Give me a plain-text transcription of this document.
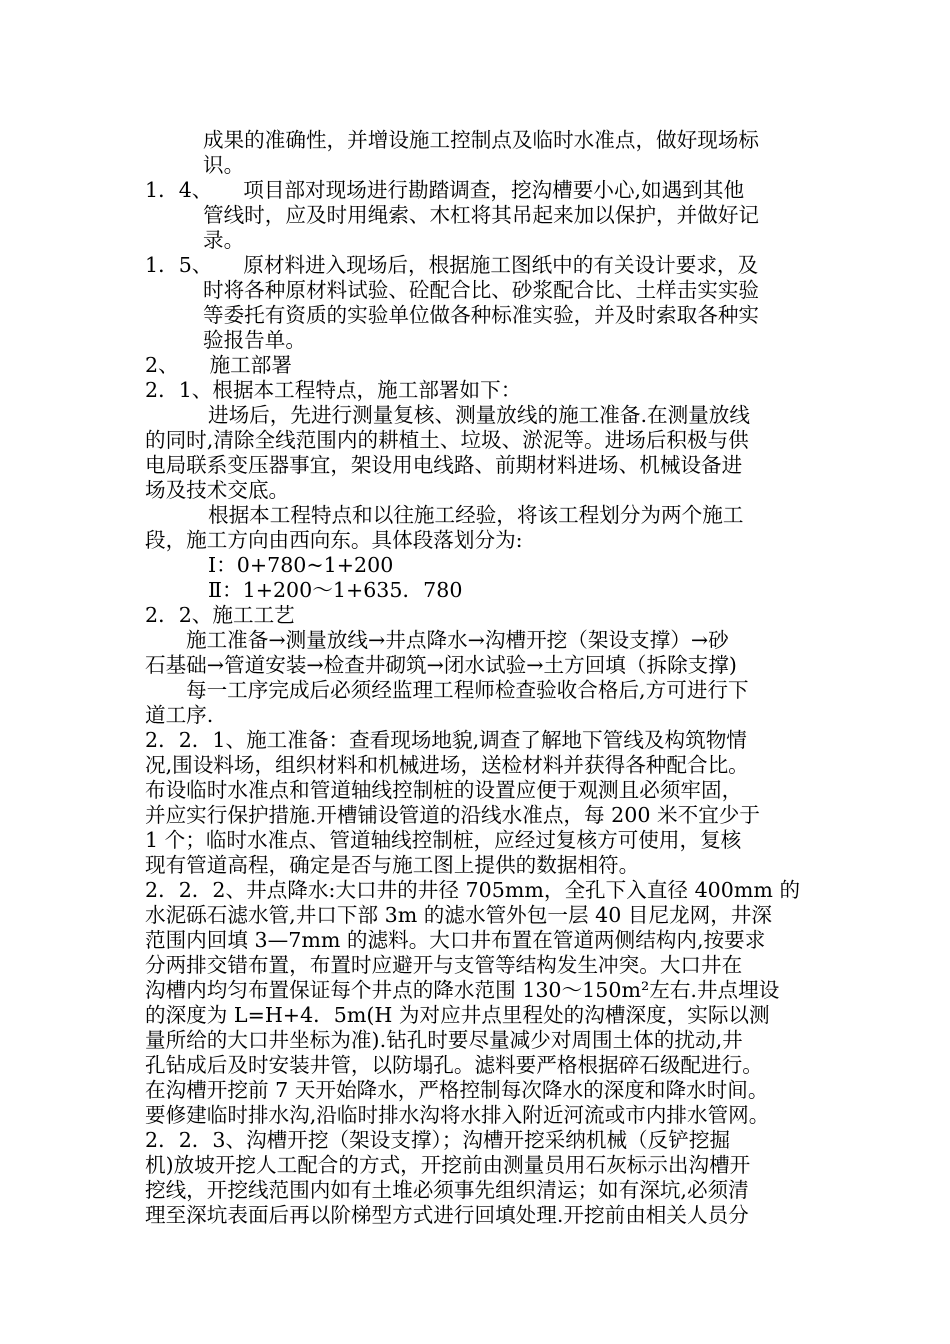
成果的准确性，并增设施工控制点及临时水准点，做好现场标
识。
1．4、　　项目部对现场进行勘踏调查，挖沟槽要小心,如遇到其他
管线时，应及时用绳索、木杠将其吊起来加以保护，并做好记
录。
1．5、　　原材料进入现场后，根据施工图纸中的有关设计要求，及
时将各种原材料试验、砼配合比、砂浆配合比、土样击实实验
等委托有资质的实验单位做各种标准实验，并及时索取各种实
验报告单。
2、　　施工部署
2．1、根据本工程特点，施工部署如下：
进场后，先进行测量复核、测量放线的施工准备.在测量放线
的同时,清除全线范围内的耕植土、垃圾、淤泥等。进场后积极与供
电局联系变压器事宜，架设用电线路、前期材料进场、机械设备进
场及技术交底。
根据本工程特点和以往施工经验，将该工程划分为两个施工
段，施工方向由西向东。具体段落划分为:
Ⅰ：0+780~1+200
Ⅱ：1+200～1+635．780
2．2、施工工艺
施工准备→测量放线→井点降水→沟槽开挖（架设支撑）→砂
石基础→管道安装→检查井砌筑→闭水试验→土方回填（拆除支撑)
每一工序完成后必须经监理工程师检查验收合格后,方可进行下
道工序.
2．2．1、施工准备：查看现场地貌,调查了解地下管线及构筑物情
况,围设料场，组织材料和机械进场，送检材料并获得各种配合比。
布设临时水准点和管道轴线控制桩的设置应便于观测且必须牢固，
并应实行保护措施.开槽铺设管道的沿线水准点，每 200 米不宜少于
1 个；临时水准点、管道轴线控制桩，应经过复核方可使用，复核
现有管道高程，确定是否与施工图上提供的数据相符。
2．2．2、井点降水:大口井的井径 705mm，全孔下入直径 400mm 的
水泥砾石滤水管,井口下部 3m 的滤水管外包一层 40 目尼龙网，井深
范围内回填 3—7mm 的滤料。大口井布置在管道两侧结构内,按要求
分两排交错布置，布置时应避开与支管等结构发生冲突。大口井在
沟槽内均匀布置保证每个井点的降水范围 130～150m²左右.井点埋设
的深度为 L=H+4．5m(H 为对应井点里程处的沟槽深度，实际以测
量所给的大口井坐标为准).钻孔时要尽量减少对周围土体的扰动,井
孔钻成后及时安装井管，以防塌孔。滤料要严格根据碎石级配进行。
在沟槽开挖前 7 天开始降水，严格控制每次降水的深度和降水时间。
要修建临时排水沟,沿临时排水沟将水排入附近河流或市内排水管网。
2．2．3、沟槽开挖（架设支撑）；沟槽开挖采纳机械（反铲挖掘
机)放坡开挖人工配合的方式，开挖前由测量员用石灰标示出沟槽开
挖线，开挖线范围内如有土堆必须事先组织清运；如有深坑,必须清
理至深坑表面后再以阶梯型方式进行回填处理.开挖前由相关人员分
